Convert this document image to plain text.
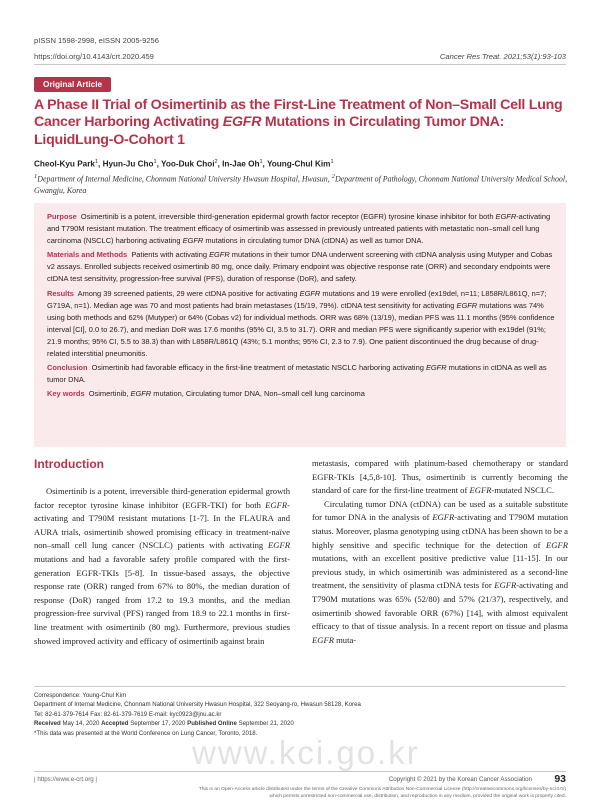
pISSN 1598-2998, eISSN 2005-9256
https://doi.org/10.4143/crt.2020.459	Cancer Res Treat. 2021;53(1):93-103
Original Article
A Phase II Trial of Osimertinib as the First-Line Treatment of Non–Small Cell Lung Cancer Harboring Activating EGFR Mutations in Circulating Tumor DNA: LiquidLung-O-Cohort 1
Cheol-Kyu Park$^1$, Hyun-Ju Cho$^1$, Yoo-Duk Choi$^2$, In-Jae Oh$^1$, Young-Chul Kim$^1$
$^1$Department of Internal Medicine, Chonnam National University Hwasun Hospital, Hwasun, $^2$Department of Pathology, Chonnam National University Medical School, Gwangju, Korea

Purpose Osimertinib is a potent, irreversible third-generation epidermal growth factor receptor (EGFR) tyrosine kinase inhibitor for both EGFR-activating and T790M resistant mutation. The treatment efficacy of osimertinib was assessed in previously untreated patients with metastatic non–small cell lung carcinoma (NSCLC) harboring activating EGFR mutations in circulating tumor DNA (ctDNA) as well as tumor DNA.

Materials and Methods Patients with activating EGFR mutations in their tumor DNA underwent screening with ctDNA analysis using Mutyper and Cobas v2 assays. Enrolled subjects received osimertinib 80 mg, once daily. Primary endpoint was objective response rate (ORR) and secondary endpoints were ctDNA test sensitivity, progression-free survival (PFS), duration of response (DoR), and safety.

Results Among 39 screened patients, 29 were ctDNA positive for activating EGFR mutations and 19 were enrolled (ex19del, n=11; L858R/L861Q, n=7; G719A, n=1). Median age was 70 and most patients had brain metastases (15/19, 79%). ctDNA test sensitivity for activating EGFR mutations was 74% using both methods and 62% (Mutyper) or 64% (Cobas v2) for individual methods. ORR was 68% (13/19), median PFS was 11.1 months (95% confidence interval [CI], 0.0 to 26.7), and median DoR was 17.6 months (95% CI, 3.5 to 31.7). ORR and median PFS were significantly superior with ex19del (91%; 21.9 months; 95% CI, 5.5 to 38.3) than with L858R/L861Q (43%; 5.1 months; 95% CI, 2.3 to 7.9). One patient discontinued the drug because of drug-related interstitial pneumonitis.

Conclusion Osimertinib had favorable efficacy in the first-line treatment of metastatic NSCLC harboring activating EGFR mutations in ctDNA as well as tumor DNA.

Key words Osimertinib, EGFR mutation, Circulating tumor DNA, Non–small cell lung carcinoma

Introduction

Osimertinib is a potent, irreversible third-generation epidermal growth factor receptor tyrosine kinase inhibitor (EGFR-TKI) for both EGFR-activating and T790M resistant mutations [1-7]. In the FLAURA and AURA trials, osimertinib showed promising efficacy in treatment-naïve non–small cell lung cancer (NSCLC) patients with activating EGFR mutations and had a favorable safety profile compared with the first-generation EGFR-TKIs [5-8]. In tissue-based assays, the objective response rate (ORR) ranged from 67% to 80%, the median duration of response (DoR) ranged from 17.2 to 19.3 months, and the median progression-free survival (PFS) ranged from 18.9 to 22.1 months in first-line treatment with osimertinib (80 mg). Furthermore, previous studies showed improved activity and efficacy of osimertinib against brain

metastasis, compared with platinum-based chemotherapy or standard EGFR-TKIs [4,5,8-10]. Thus, osimertinib is currently becoming the standard of care for the first-line treatment of EGFR-mutated NSCLC.

Circulating tumor DNA (ctDNA) can be used as a suitable substitute for tumor DNA in the analysis of EGFR-activating and T790M mutation status. Moreover, plasma genotyping using ctDNA has been shown to be a highly sensitive and specific technique for the detection of EGFR mutations, with an excellent positive predictive value [11-15]. In our previous study, in which osimertinib was administered as a second-line treatment, the sensitivity of plasma ctDNA tests for EGFR-activating and T790M mutations was 65% (52/80) and 57% (21/37), respectively, and osimertinib showed favorable ORR (67%) [14], with almost equivalent efficacy to that of tissue analysis. In a recent report on tissue and plasma EGFR muta-

Correspondence: Young-Chul Kim
Department of Internal Medicine, Chonnam National University Hwasun Hospital, 322 Seoyang-ro, Hwasun 58128, Korea
Tel: 82-61-379-7614 Fax: 82-61-379-7619 E-mail: kyc0923@jnu.ac.kr
Received May 14, 2020 Accepted September 17, 2020 Published Online September 21, 2020
*This data was presented at the World Conference on Lung Cancer, Toronto, 2018.
www.kci.go.kr
| https://www.e-crt.org |	Copyright © 2021 by the Korean Cancer Association 93
This is an Open-Access article distributed under the terms of the Creative Commons Attribution Non-Commercial License (http://creativecommons.org/licenses/by-nc/4.0/)
which permits unrestricted non-commercial use, distribution, and reproduction in any medium, provided the original work is properly cited.
